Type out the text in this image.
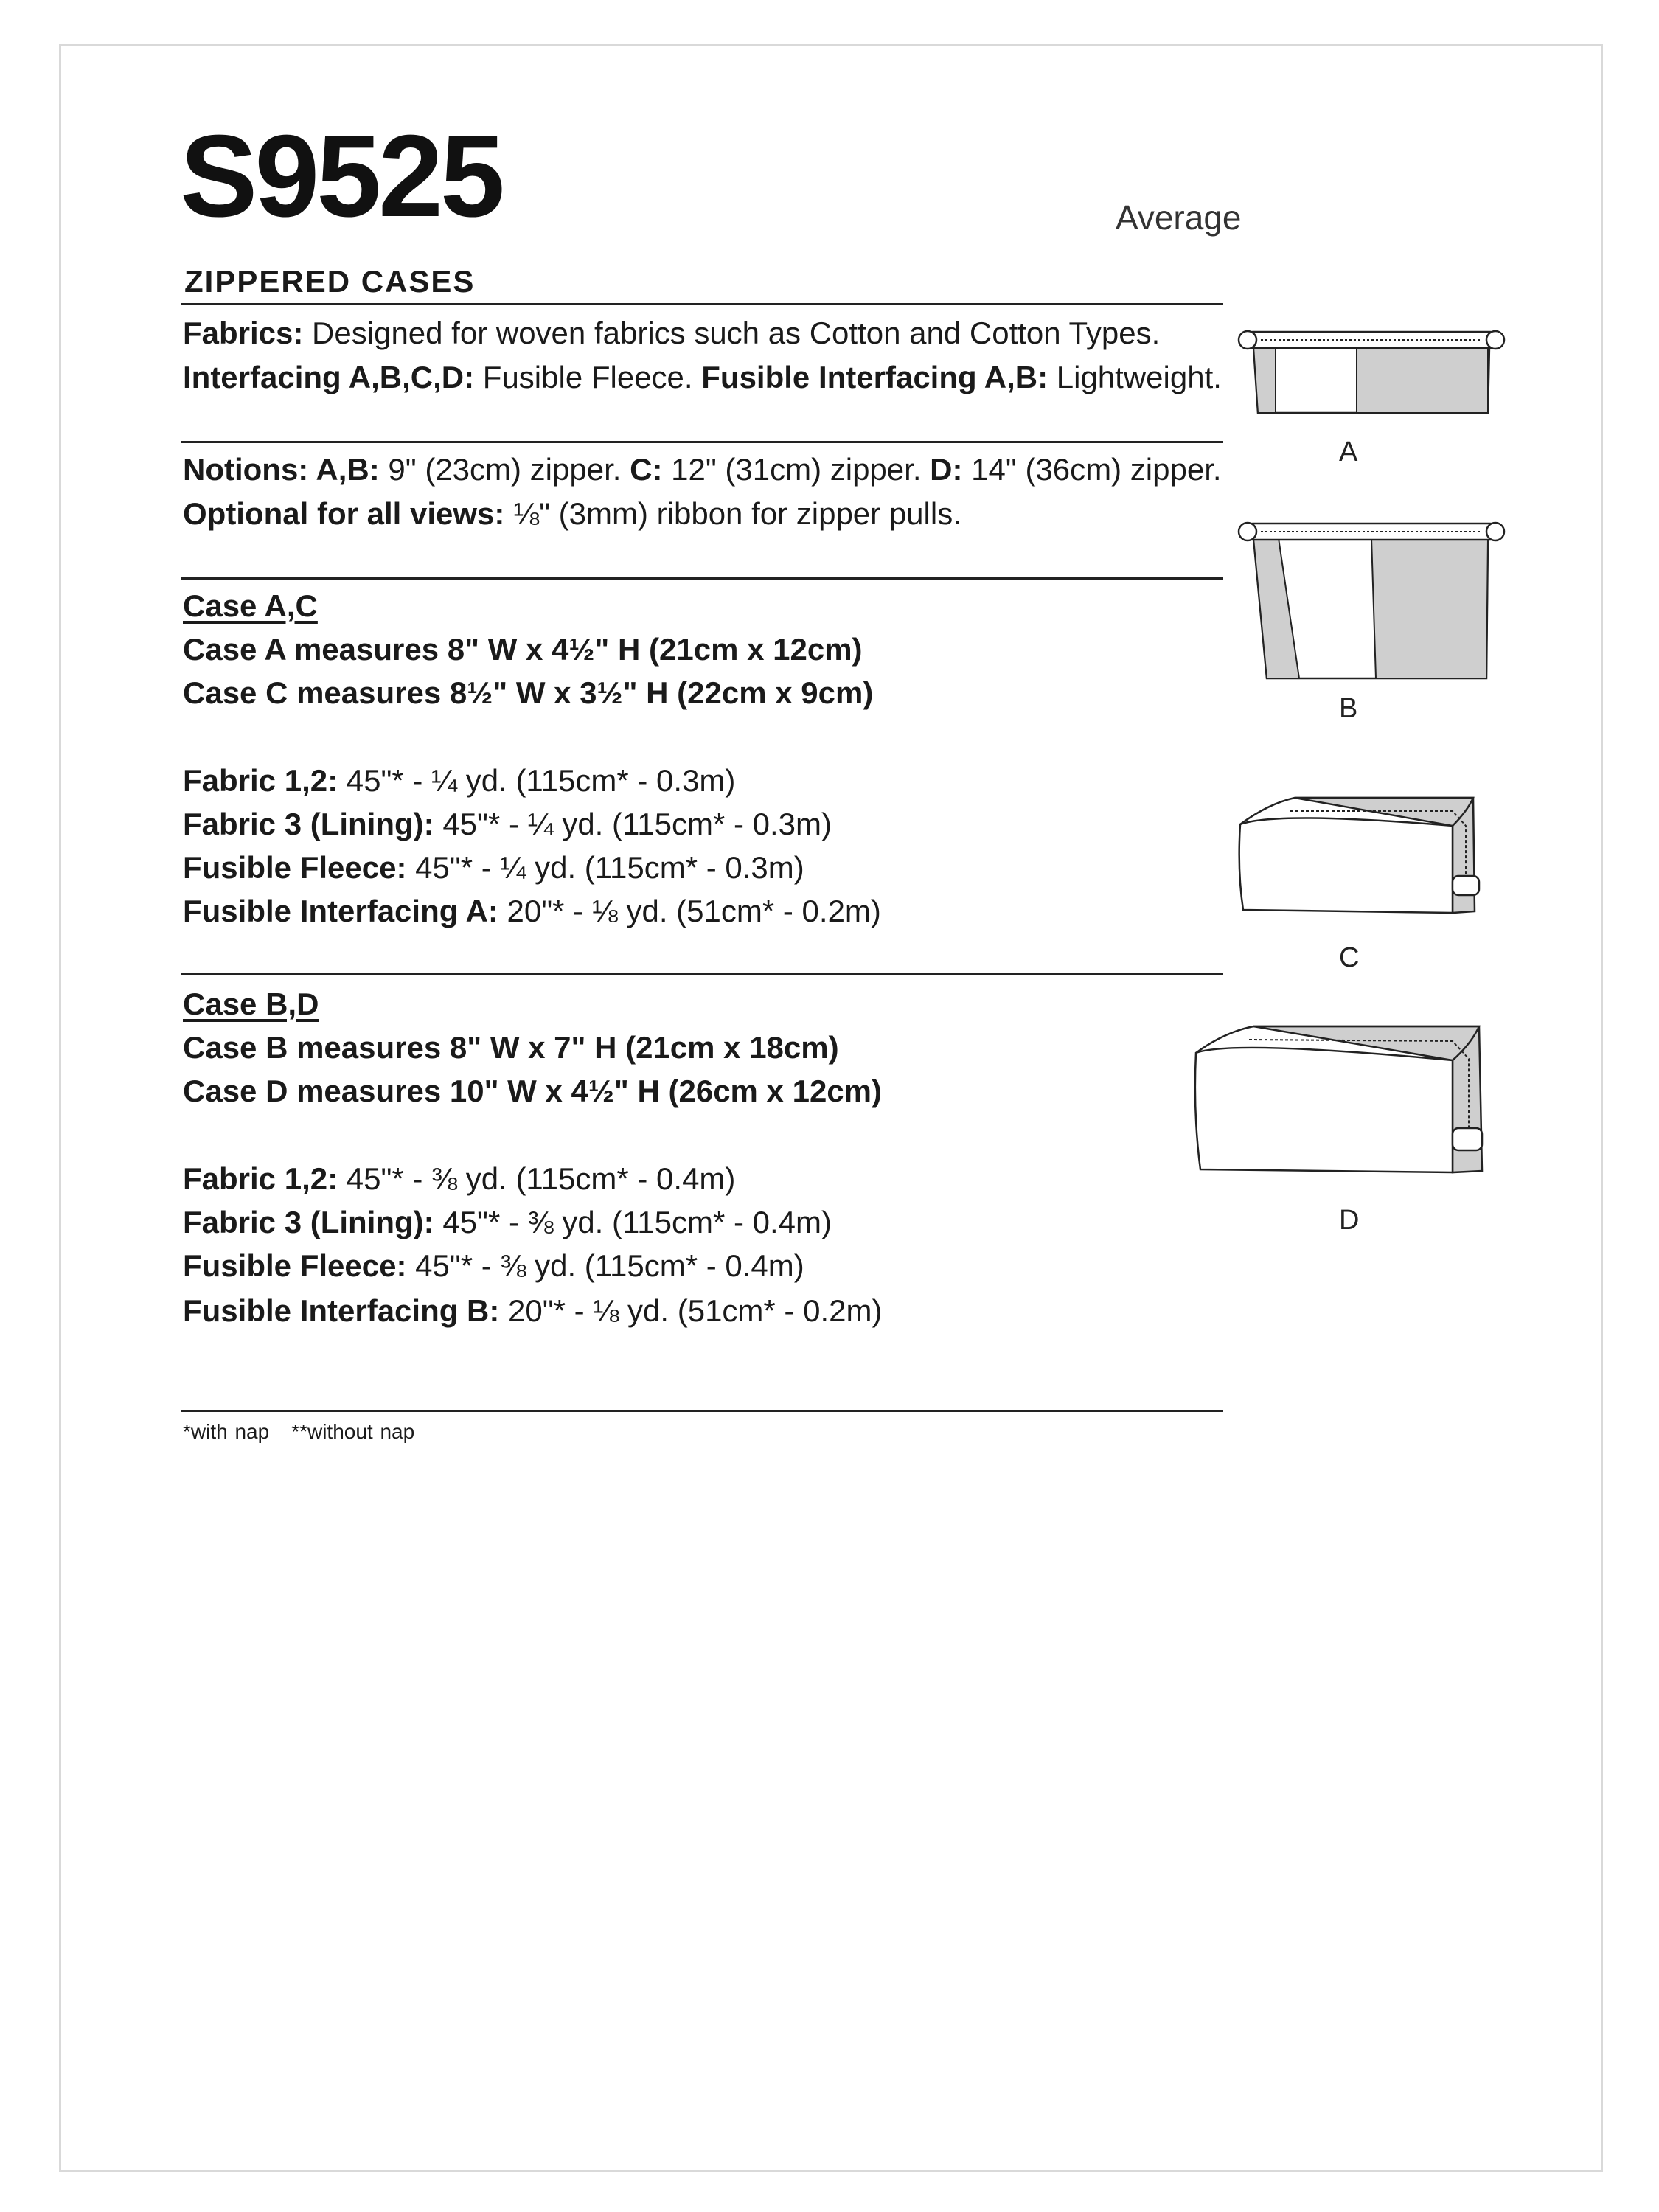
S9525	Average
ZIPPERED CASES
Fabrics: Designed for woven fabrics such as Cotton and Cotton Types.
Interfacing A,B,C,D: Fusible Fleece. Fusible Interfacing A,B: Lightweight.
Notions: A,B: 9" (23cm) zipper. C: 12" (31cm) zipper. D: 14" (36cm) zipper.
Optional for all views: ⅛" (3mm) ribbon for zipper pulls.
Case A,C
Case A measures 8" W x 4½" H (21cm x 12cm)
Case C measures 8½" W x 3½" H (22cm x 9cm)
Fabric 1,2: 45"* - ¼ yd. (115cm* - 0.3m)
Fabric 3 (Lining): 45"* - ¼ yd. (115cm* - 0.3m)
Fusible Fleece: 45"* - ¼ yd. (115cm* - 0.3m)
Fusible Interfacing A: 20"* - ⅛ yd. (51cm* - 0.2m)
Case B,D
Case B measures 8" W x 7" H (21cm x 18cm)
Case D measures 10" W x 4½" H (26cm x 12cm)
Fabric 1,2: 45"* - ⅜ yd. (115cm* - 0.4m)
Fabric 3 (Lining): 45"* - ⅜ yd. (115cm* - 0.4m)
Fusible Fleece: 45"* - ⅜ yd. (115cm* - 0.4m)
Fusible Interfacing B: 20"* - ⅛ yd. (51cm* - 0.2m)
*with nap **without nap
A
B
C
D
